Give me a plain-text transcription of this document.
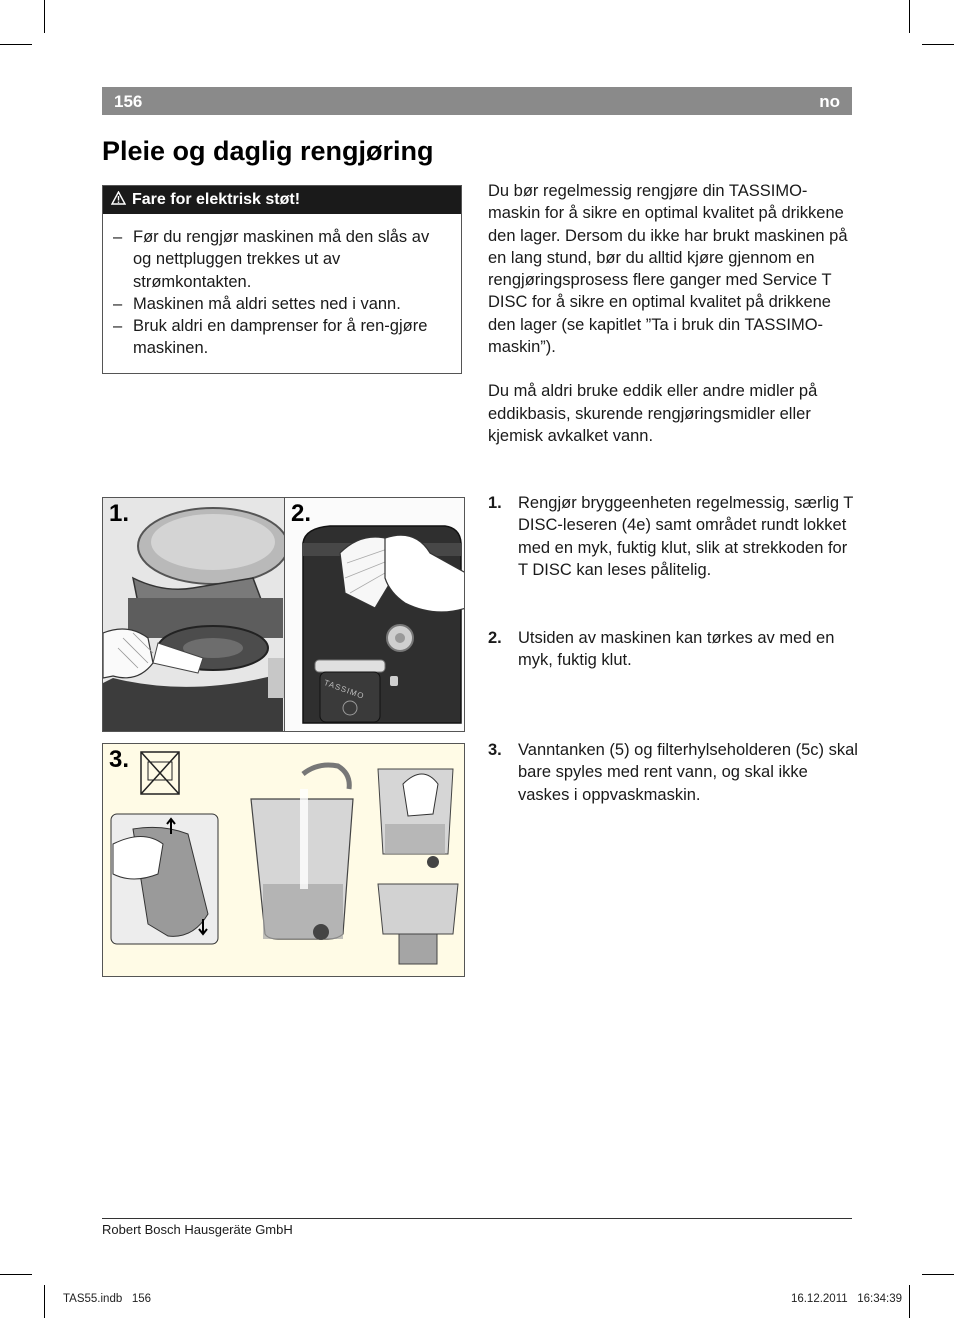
156	no
Pleie og daglig rengjøring
Fare for elektrisk støt!
– Før du rengjør maskinen må den slås av og nettpluggen trekkes ut av strømkontakten.
– Maskinen må aldri settes ned i vann.
– Bruk aldri en damprenser for å ren-gjøre maskinen.

Du bør regelmessig rengjøre din TASSIMO-maskin for å sikre en optimal kvalitet på drikkene den lager. Dersom du ikke har brukt maskinen på en lang stund, bør du alltid kjøre gjennom en rengjøringsprosess flere ganger med Service T DISC for å sikre en optimal kvalitet på drikkene den lager (se kapitlet ”Ta i bruk din TASSIMO-maskin”).

Du må aldri bruke eddik eller andre midler på eddikbasis, skurende rengjøringsmidler eller kjemisk avkalket vann.

1. Rengjør bryggeenheten regelmessig, særlig T DISC-leseren (4e) samt området rundt lokket med en myk, fuktig klut, slik at strekkoden for T DISC kan leses pålitelig.
2. Utsiden av maskinen kan tørkes av med en myk, fuktig klut.
3. Vanntanken (5) og filterhylseholderen (5c) skal bare spyles med rent vann, og skal ikke vaskes i oppvaskmaskin.
1.
TASSIMO
2.
3.
Robert Bosch Hausgeräte GmbH
TAS55.indb   156	16.12.2011   16:34:39
